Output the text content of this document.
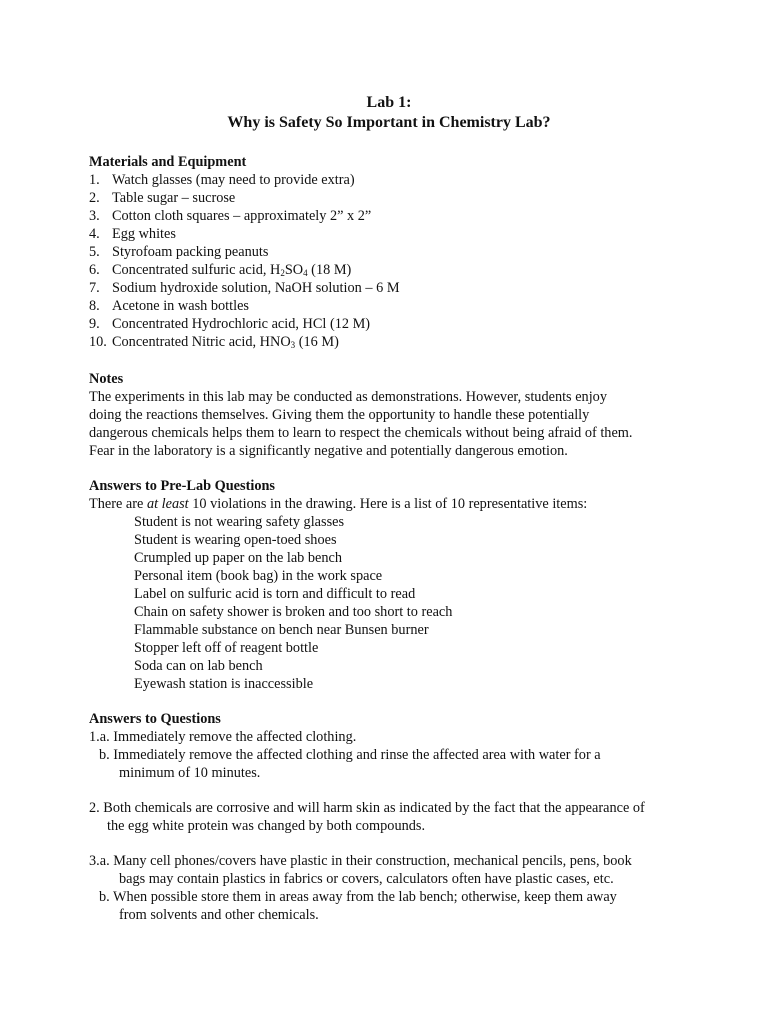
Lab 1:
Why is Safety So Important in Chemistry Lab?
Materials and Equipment
1. Watch glasses (may need to provide extra)
2. Table sugar – sucrose
3. Cotton cloth squares – approximately 2” x 2”
4. Egg whites
5. Styrofoam packing peanuts
6. Concentrated sulfuric acid, $H_2SO_4$ (18 M)
7. Sodium hydroxide solution, NaOH solution – 6 M
8. Acetone in wash bottles
9. Concentrated Hydrochloric acid, HCl (12 M)
10. Concentrated Nitric acid, $HNO_3$ (16 M)
Notes
The experiments in this lab may be conducted as demonstrations. However, students enjoy
doing the reactions themselves. Giving them the opportunity to handle these potentially
dangerous chemicals helps them to learn to respect the chemicals without being afraid of them.
Fear in the laboratory is a significantly negative and potentially dangerous emotion.
Answers to Pre-Lab Questions
There are at least 10 violations in the drawing. Here is a list of 10 representative items:
Student is not wearing safety glasses
Student is wearing open-toed shoes
Crumpled up paper on the lab bench
Personal item (book bag) in the work space
Label on sulfuric acid is torn and difficult to read
Chain on safety shower is broken and too short to reach
Flammable substance on bench near Bunsen burner
Stopper left off of reagent bottle
Soda can on lab bench
Eyewash station is inaccessible
Answers to Questions
1.a. Immediately remove the affected clothing.
b. Immediately remove the affected clothing and rinse the affected area with water for a
minimum of 10 minutes.
2. Both chemicals are corrosive and will harm skin as indicated by the fact that the appearance of
the egg white protein was changed by both compounds.
3.a. Many cell phones/covers have plastic in their construction, mechanical pencils, pens, book
bags may contain plastics in fabrics or covers, calculators often have plastic cases, etc.
b. When possible store them in areas away from the lab bench; otherwise, keep them away
from solvents and other chemicals.
